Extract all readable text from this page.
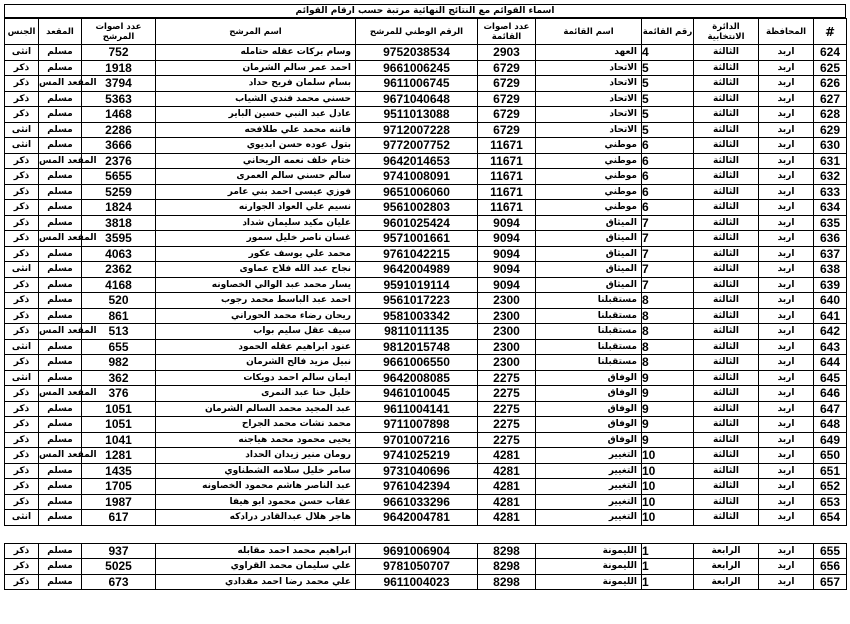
اسماء القوائم مع النتائج النهائية مرتبة حسب ارقام القوائم
الجنس	المقعد	عدد اصوات المرشح	اسم المرشح	الرقم الوطني للمرشح	عدد اصوات القائمة	اسم القائمة	رقم القائمة	الدائرة الانتخابية	المحافظة	#
انثى	مسلم	752	وسام بركات عقله حتامله	9752038534	2903	العهد	4	الثالثة	اربد	624
ذكر	مسلم	1918	احمد عمر سالم الشرمان	9661006245	6729	الاتحاد	5	الثالثة	اربد	625
ذكر	المقعد المس	3794	بسام سلمان فريح حداد	9611006745	6729	الاتحاد	5	الثالثة	اربد	626
ذكر	مسلم	5363	حسني محمد فندي الشياب	9671040648	6729	الاتحاد	5	الثالثة	اربد	627
ذكر	مسلم	1468	عادل عبد النبي حسين الباير	9511013088	6729	الاتحاد	5	الثالثة	اربد	628
انثى	مسلم	2286	فاتنه محمد علي طلافحه	9712007228	6729	الاتحاد	5	الثالثة	اربد	629
انثى	مسلم	3666	بتول عوده حسن ابديوي	9772007752	11671	موطني	6	الثالثة	اربد	630
ذكر	المقعد المس	2376	ختام خلف نعمه الريحاني	9642014653	11671	موطني	6	الثالثة	اربد	631
ذكر	مسلم	5655	سالم حسني سالم العمرى	9741008091	11671	موطني	6	الثالثة	اربد	632
ذكر	مسلم	5259	فوزي عيسى احمد بني عامر	9651006060	11671	موطني	6	الثالثة	اربد	633
ذكر	مسلم	1824	نسيم علي العواد الجوارنه	9561002803	11671	موطني	6	الثالثة	اربد	634
ذكر	مسلم	3818	عليان مكيد سليمان شداد	9601025424	9094	الميثاق	7	الثالثة	اربد	635
ذكر	المقعد المس	3595	غسان ناصر خليل سمور	9571001661	9094	الميثاق	7	الثالثة	اربد	636
ذكر	مسلم	4063	محمد علي يوسف عكور	9761042215	9094	الميثاق	7	الثالثة	اربد	637
انثى	مسلم	2362	نجاح عبد الله فلاح عماوى	9642004989	9094	الميثاق	7	الثالثة	اربد	638
ذكر	مسلم	4168	يسار محمد عبد الوالي الخصاونه	9591019114	9094	الميثاق	7	الثالثة	اربد	639
ذكر	مسلم	520	احمد عبد الباسط محمد رجوب	9561017223	2300	مستقبلنا	8	الثالثة	اربد	640
ذكر	مسلم	861	ريحان رضاء محمد الحوراني	9581003342	2300	مستقبلنا	8	الثالثة	اربد	641
ذكر	المقعد المس	513	سيف عقل سليم بواب	9811011135	2300	مستقبلنا	8	الثالثة	اربد	642
انثى	مسلم	655	عنود ابراهيم عقله الحمود	9812015748	2300	مستقبلنا	8	الثالثة	اربد	643
ذكر	مسلم	982	نبيل مزيد فالح الشرمان	9661006550	2300	مستقبلنا	8	الثالثة	اربد	644
انثى	مسلم	362	ايمان سالم احمد دويكات	9642008085	2275	الوفاق	9	الثالثة	اربد	645
ذكر	المقعد المس	376	خليل حنا عبد النمرى	9461010045	2275	الوفاق	9	الثالثة	اربد	646
ذكر	مسلم	1051	عبد المجيد محمد السالم الشرمان	9611004141	2275	الوفاق	9	الثالثة	اربد	647
ذكر	مسلم	1051	محمد نشات محمد الجراح	9711007898	2275	الوفاق	9	الثالثة	اربد	648
ذكر	مسلم	1041	يحيى محمود محمد هياجنه	9701007216	2275	الوفاق	9	الثالثة	اربد	649
ذكر	المقعد المس	1281	رومان منير زيدان الحداد	9741025219	4281	التغيير	10	الثالثة	اربد	650
ذكر	مسلم	1435	سامر خليل سلامه الشطناوي	9731040696	4281	التغيير	10	الثالثة	اربد	651
ذكر	مسلم	1705	عبد الناصر هاشم محمود الخصاونه	9761042394	4281	التغيير	10	الثالثة	اربد	652
ذكر	مسلم	1987	عقاب حسن محمود ابو هيفا	9661033296	4281	التغيير	10	الثالثة	اربد	653
انثى	مسلم	617	هاجر هلال عبدالقادر درادكه	9642004781	4281	التغيير	10	الثالثة	اربد	654

ذكر	مسلم	937	ابراهيم محمد احمد مقابله	9691006904	8298	الليمونة	1	الرابعة	اربد	655
ذكر	مسلم	5025	علي سليمان محمد القراوي	9781050707	8298	الليمونة	1	الرابعة	اربد	656
ذكر	مسلم	673	علي محمد رضا احمد مقدادي	9611004023	8298	الليمونة	1	الرابعة	اربد	657
